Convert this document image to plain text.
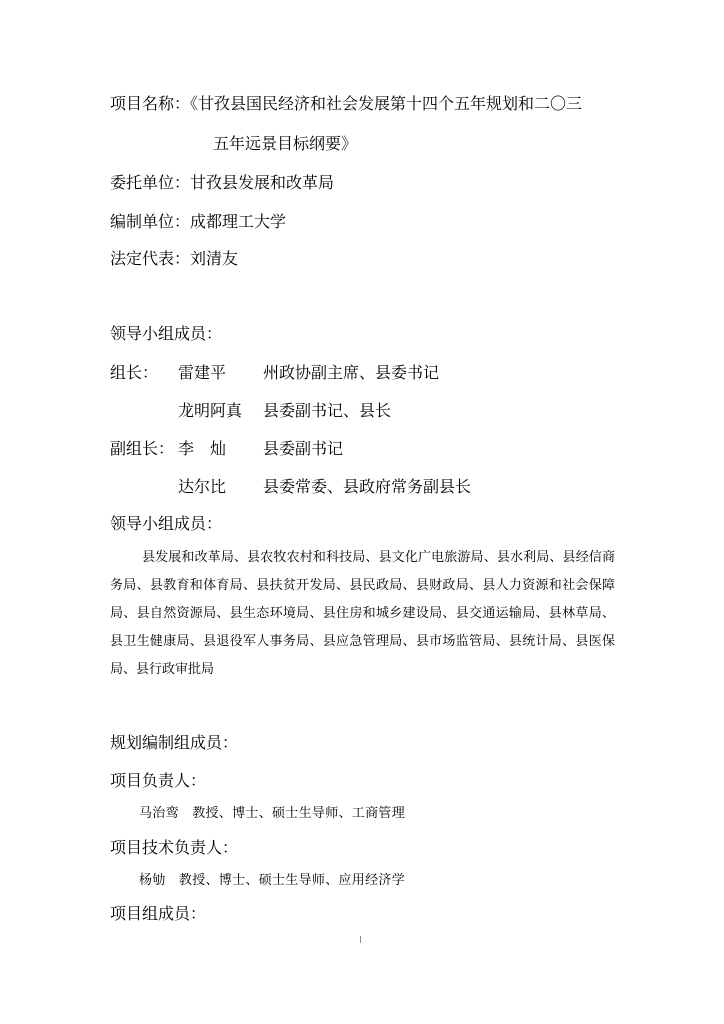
项目名称：《甘孜县国民经济和社会发展第十四个五年规划和二〇三
五年远景目标纲要》
委托单位：甘孜县发展和改革局
编制单位：成都理工大学
法定代表：刘清友
领导小组成员：
组长： 雷建平 州政协副主席、县委书记
龙明阿真 县委副书记、县长
副组长： 李　灿 县委副书记
达尔比 县委常委、县政府常务副县长
领导小组成员：
县发展和改革局、县农牧农村和科技局、县文化广电旅游局、县水利局、县经信商务局、县教育和体育局、县扶贫开发局、县民政局、县财政局、县人力资源和社会保障局、县自然资源局、县生态环境局、县住房和城乡建设局、县交通运输局、县林草局、县卫生健康局、县退役军人事务局、县应急管理局、县市场监管局、县统计局、县医保局、县行政审批局
规划编制组成员：
项目负责人：
马治鸾　教授、博士、硕士生导师、工商管理
项目技术负责人：
杨劬　教授、博士、硕士生导师、应用经济学
项目组成员：
I
